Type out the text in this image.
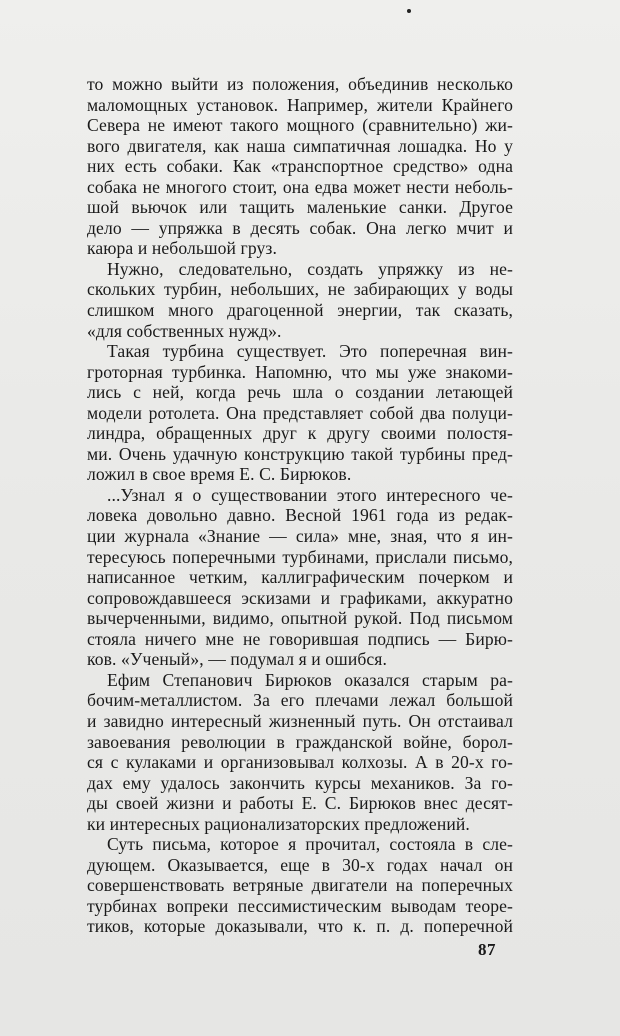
то можно выйти из положения, объединив несколько
маломощных установок. Например, жители Крайнего
Севера не имеют такого мощного (сравнительно) жи-
вого двигателя, как наша симпатичная лошадка. Но у
них есть собаки. Как «транспортное средство» одна
собака не многого стоит, она едва может нести неболь-
шой вьючок или тащить маленькие санки. Другое
дело — упряжка в десять собак. Она легко мчит и
каюра и небольшой груз.
Нужно, следовательно, создать упряжку из не-
скольких турбин, небольших, не забирающих у воды
слишком много драгоценной энергии, так сказать,
«для собственных нужд».
Такая турбина существует. Это поперечная вин-
гроторная турбинка. Напомню, что мы уже знакоми-
лись с ней, когда речь шла о создании летающей
модели ротолета. Она представляет собой два полуци-
линдра, обращенных друг к другу своими полостя-
ми. Очень удачную конструкцию такой турбины пред-
ложил в свое время Е. С. Бирюков.
...Узнал я о существовании этого интересного че-
ловека довольно давно. Весной 1961 года из редак-
ции журнала «Знание — сила» мне, зная, что я ин-
тересуюсь поперечными турбинами, прислали письмо,
написанное четким, каллиграфическим почерком и
сопровождавшееся эскизами и графиками, аккуратно
вычерченными, видимо, опытной рукой. Под письмом
стояла ничего мне не говорившая подпись — Бирю-
ков. «Ученый», — подумал я и ошибся.
Ефим Степанович Бирюков оказался старым ра-
бочим-металлистом. За его плечами лежал большой
и завидно интересный жизненный путь. Он отстаивал
завоевания революции в гражданской войне, борол-
ся с кулаками и организовывал колхозы. А в 20-х го-
дах ему удалось закончить курсы механиков. За го-
ды своей жизни и работы Е. С. Бирюков внес десят-
ки интересных рационализаторских предложений.
Суть письма, которое я прочитал, состояла в сле-
дующем. Оказывается, еще в 30-х годах начал он
совершенствовать ветряные двигатели на поперечных
турбинах вопреки пессимистическим выводам теоре-
тиков, которые доказывали, что к. п. д. поперечной
87
